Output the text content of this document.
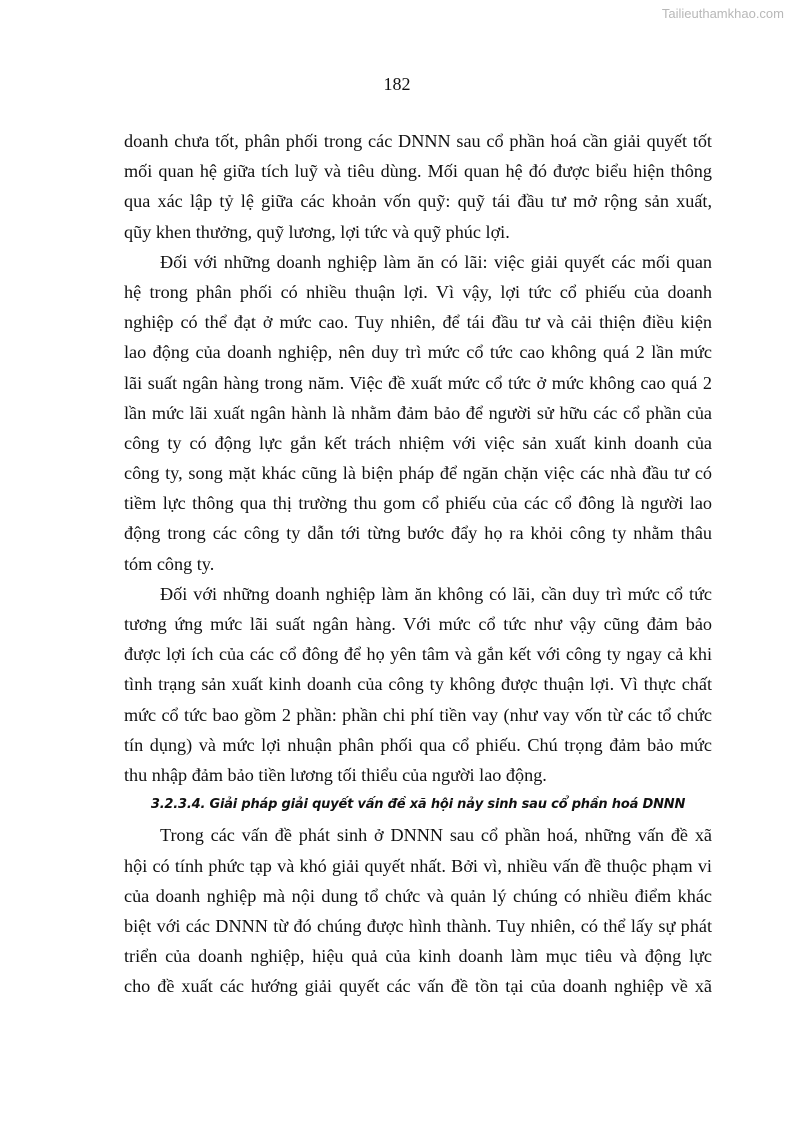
Tailieuthamkhao.com
182
doanh chưa tốt, phân phối trong các DNNN sau cổ phần hoá cần giải quyết tốt
mối quan hệ giữa tích luỹ và tiêu dùng. Mối quan hệ đó được biểu hiện thông
qua xác lập tỷ lệ giữa các khoản vốn quỹ: quỹ tái đầu tư mở rộng sản xuất,
qũy khen thưởng, quỹ lương, lợi tức và quỹ phúc lợi.
Đối với những doanh nghiệp làm ăn có lãi: việc giải quyết các mối quan
hệ trong phân phối có nhiều thuận lợi. Vì vậy, lợi tức cổ phiếu của doanh
nghiệp có thể đạt ở mức cao. Tuy nhiên, để tái đầu tư và cải thiện điều kiện
lao động của doanh nghiệp, nên duy trì mức cổ tức cao không quá 2 lần mức
lãi suất ngân hàng trong năm. Việc đề xuất mức cổ tức ở mức không cao quá 2
lần mức lãi xuất ngân hành là nhằm đảm bảo để người sử hữu các cổ phần của
công ty có động lực gắn kết trách nhiệm với việc sản xuất kinh doanh của
công ty, song mặt khác cũng là biện pháp để ngăn chặn việc các nhà đầu tư có
tiềm lực thông qua thị trường thu gom cổ phiếu của các cổ đông là người lao
động trong các công ty dẫn tới từng bước đẩy họ ra khỏi công ty nhằm thâu
tóm công ty.
Đối với những doanh nghiệp làm ăn không có lãi, cần duy trì mức cổ tức
tương ứng mức lãi suất ngân hàng. Với mức cổ tức như vậy cũng đảm bảo
được lợi ích của các cổ đông để họ yên tâm và gắn kết với công ty ngay cả khi
tình trạng sản xuất kinh doanh của công ty không được thuận lợi. Vì thực chất
mức cổ tức bao gồm 2 phần: phần chi phí tiền vay (như vay vốn từ các tổ chức
tín dụng) và mức lợi nhuận phân phối qua cổ phiếu. Chú trọng đảm bảo mức
thu nhập đảm bảo tiền lương tối thiểu của người lao động.
3.2.3.4. Giải pháp giải quyết vấn đề xã hội nảy sinh sau cổ phần hoá DNNN
Trong các vấn đề phát sinh ở DNNN sau cổ phần hoá, những vấn đề xã
hội có tính phức tạp và khó giải quyết nhất. Bởi vì, nhiều vấn đề thuộc phạm vi
của doanh nghiệp mà nội dung tổ chức và quản lý chúng có nhiều điểm khác
biệt với các DNNN từ đó chúng được hình thành. Tuy nhiên, có thể lấy sự phát
triển của doanh nghiệp, hiệu quả của kinh doanh làm mục tiêu và động lực
cho đề xuất các hướng giải quyết các vấn đề tồn tại của doanh nghiệp về xã
